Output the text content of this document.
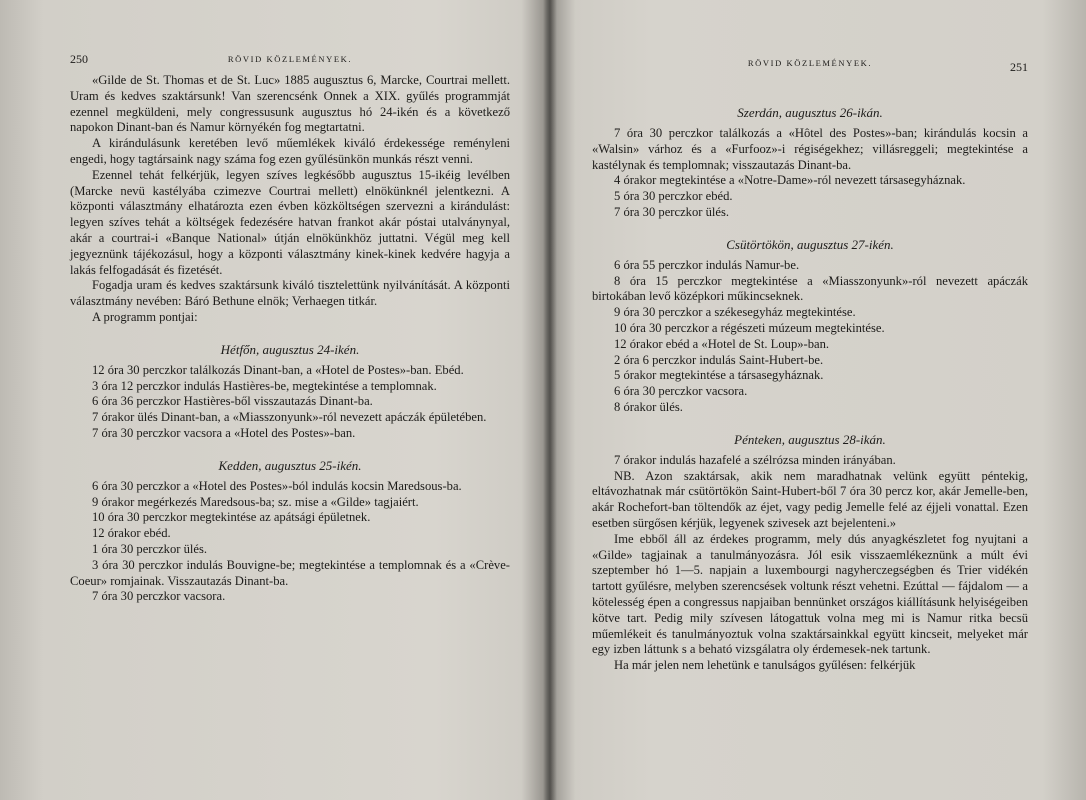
250	RÖVID KÖZLEMÉNYEK.

«Gilde de St. Thomas et de St. Luc» 1885 augusztus 6, Marcke, Courtrai mellett. Uram és kedves szaktársunk! Van szerencsénk Onnek a XIX. gyűlés programmját ezennel megküldeni, mely congressusunk augusztus hó 24-ikén és a következő napokon Dinant-ban és Namur környékén fog megtartatni.

A kirándulásunk keretében levő műemlékek kiváló érdekessége reményleni engedi, hogy tagtársaink nagy száma fog ezen gyűlésünkön munkás részt venni.

Ezennel tehát felkérjük, legyen szíves legkésőbb augusztus 15-ikéig levélben (Marcke nevü kastélyába czimezve Courtrai mellett) elnökünknél jelentkezni. A központi választmány elhatározta ezen évben közköltségen szervezni a kirándulást: legyen szíves tehát a költségek fedezésére hatvan frankot akár póstai utalványnyal, akár a courtrai-i «Banque National» útján elnökünkhöz juttatni. Végül meg kell jegyeznünk tájékozásul, hogy a központi választmány kinek-kinek kedvére hagyja a lakás felfogadását és fizetését.

Fogadja uram és kedves szaktársunk kiváló tisztelettünk nyilvánítását. A központi választmány nevében: Báró Bethune elnök; Verhaegen titkár.

A programm pontjai:

Hétfőn, augusztus 24-ikén.

12 óra 30 perczkor találkozás Dinant-ban, a «Hotel de Postes»-ban. Ebéd.

3 óra 12 perczkor indulás Hastières-be, megtekintése a templomnak.

6 óra 36 perczkor Hastières-ből visszautazás Dinant-ba.

7 órakor ülés Dinant-ban, a «Miasszonyunk»-ról nevezett apáczák épületében.

7 óra 30 perczkor vacsora a «Hotel des Postes»-ban.

Kedden, augusztus 25-ikén.

6 óra 30 perczkor a «Hotel des Postes»-ból indulás kocsin Maredsous-ba.

9 órakor megérkezés Maredsous-ba; sz. mise a «Gilde» tagjaiért.

10 óra 30 perczkor megtekintése az apátsági épületnek.

12 órakor ebéd.

1 óra 30 perczkor ülés.

3 óra 30 perczkor indulás Bouvigne-be; megtekintése a templomnak és a «Crève-Coeur» romjainak. Visszautazás Dinant-ba.

7 óra 30 perczkor vacsora.

RÖVID KÖZLEMÉNYEK.	251

Szerdán, augusztus 26-ikán.

7 óra 30 perczkor találkozás a «Hôtel des Postes»-ban; kirándulás kocsin a «Walsin» várhoz és a «Furfooz»-i régiségekhez; villásreggeli; megtekintése a kastélynak és templomnak; visszautazás Dinant-ba.

4 órakor megtekintése a «Notre-Dame»-ról nevezett társasegyháznak.

5 óra 30 perczkor ebéd.

7 óra 30 perczkor ülés.

Csütörtökön, augusztus 27-ikén.

6 óra 55 perczkor indulás Namur-be.

8 óra 15 perczkor megtekintése a «Miasszonyunk»-ról nevezett apáczák birtokában levő középkori műkincseknek.

9 óra 30 perczkor a székesegyház megtekintése.

10 óra 30 perczkor a régészeti múzeum megtekintése.

12 órakor ebéd a «Hotel de St. Loup»-ban.

2 óra 6 perczkor indulás Saint-Hubert-be.

5 órakor megtekintése a társasegyháznak.

6 óra 30 perczkor vacsora.

8 órakor ülés.

Pénteken, augusztus 28-ikán.

7 órakor indulás hazafelé a szélrózsa minden irányában.

NB. Azon szaktársak, akik nem maradhatnak velünk együtt péntekig, eltávozhatnak már csütörtökön Saint-Hubert-ből 7 óra 30 percz kor, akár Jemelle-ben, akár Rochefort-ban töltendők az éjet, vagy pedig Jemelle felé az éjjeli vonattal. Ezen esetben sürgősen kérjük, legyenek szivesek azt bejelenteni.»

Ime ebből áll az érdekes programm, mely dús anyagkészletet fog nyujtani a «Gilde» tagjainak a tanulmányozásra. Jól esik visszaemlékeznünk a múlt évi szeptember hó 1—5. napjain a luxembourgi nagyherczegségben és Trier vidékén tartott gyűlésre, melyben szerencsések voltunk részt vehetni. Ezúttal — fájdalom — a kötelesség épen a congressus napjaiban bennünket országos kiállításunk helyiségeiben kötve tart. Pedig mily szívesen látogattuk volna meg mi is Namur ritka becsü műemlékeit és tanulmányoztuk volna szaktársainkkal együtt kincseit, melyeket már egy izben láttunk s a beható vizsgálatra oly érdemesek-nek tartunk.

Ha már jelen nem lehetünk e tanulságos gyűlésen: felkérjük
